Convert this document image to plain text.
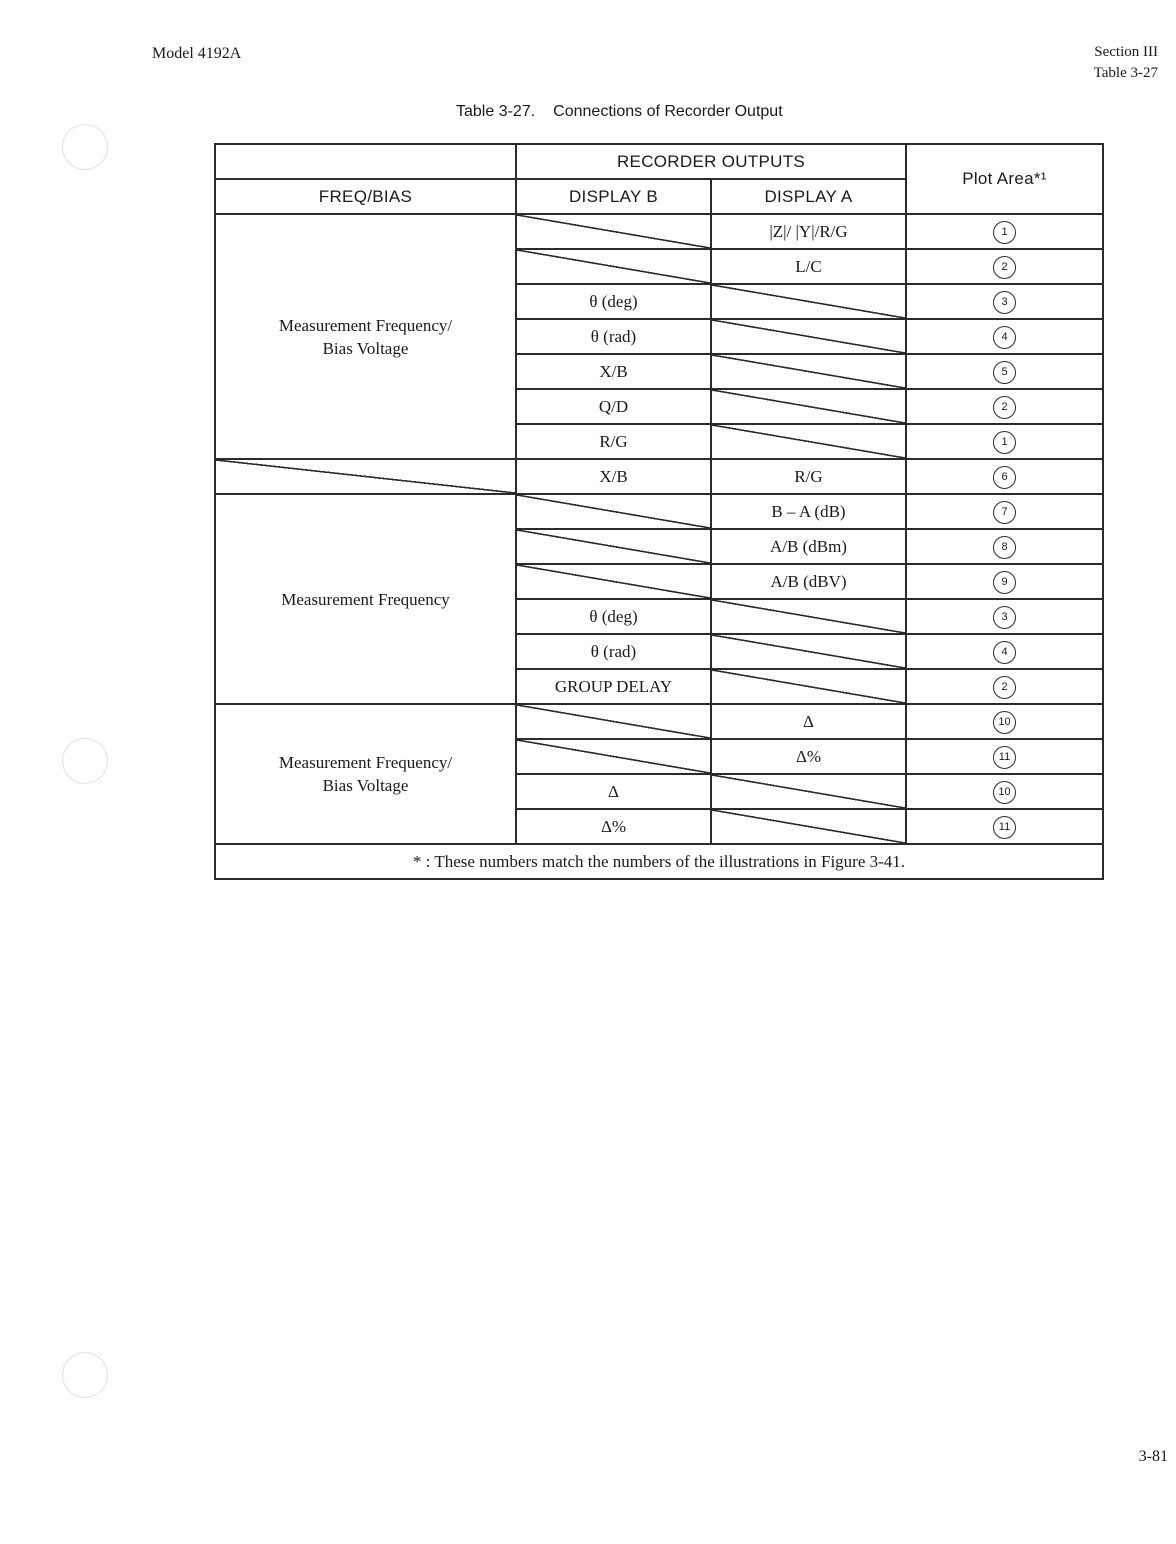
Model 4192A	Section III
Table 3-27
Table 3-27. Connections of Recorder Output
	RECORDER OUTPUTS		Plot Area*¹
FREQ/BIAS	DISPLAY B	DISPLAY A	
Measurement Frequency/
Bias Voltage		|Z|/ |Y|/R/G	1
		L/C	2
	θ (deg)		3
	θ (rad)		4
	X/B		5
	Q/D		2
	R/G		1
	X/B	R/G	6
Measurement Frequency		B – A (dB)	7
		A/B (dBm)	8
		A/B (dBV)	9
	θ (deg)		3
	θ (rad)		4
	GROUP DELAY		2
Measurement Frequency/
Bias Voltage		Δ	10
		Δ%	11
	Δ		10
	Δ%		11
* : These numbers match the numbers of the illustrations in Figure 3-41.			
3-81
